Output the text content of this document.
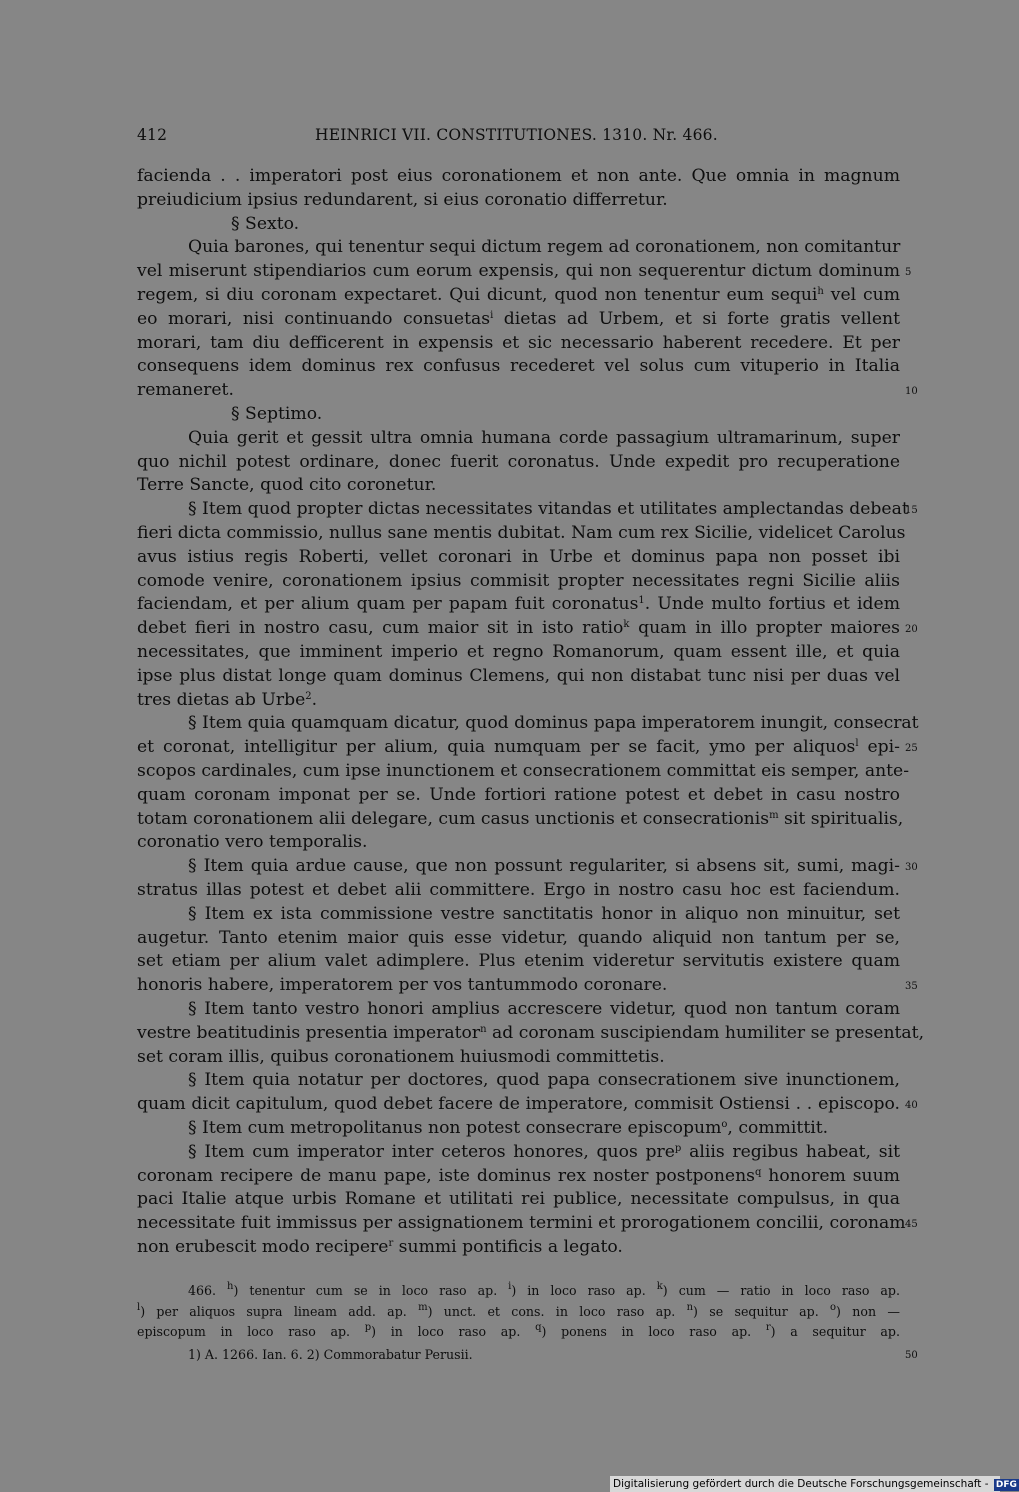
412	HEINRICI VII. CONSTITUTIONES. 1310. Nr. 466.
facienda . . imperatori post eius coronationem et non ante. Que omnia in magnum
preiudicium ipsius redundarent, si eius coronatio differretur.
§ Sexto.
Quia barones, qui tenentur sequi dictum regem ad coronationem, non comitantur
vel miserunt stipendiarios cum eorum expensis, qui non sequerentur dictum dominum
regem, si diu coronam expectaret. Qui dicunt, quod non tenentur eum sequi$^h$ vel cum
eo morari, nisi continuando consuetas$^i$ dietas ad Urbem, et si forte gratis vellent
morari, tam diu defficerent in expensis et sic necessario haberent recedere. Et per
consequens idem dominus rex confusus recederet vel solus cum vituperio in Italia
remaneret.
§ Septimo.
Quia gerit et gessit ultra omnia humana corde passagium ultramarinum, super
quo nichil potest ordinare, donec fuerit coronatus. Unde expedit pro recuperatione
Terre Sancte, quod cito coronetur.
§ Item quod propter dictas necessitates vitandas et utilitates amplectandas debeat
fieri dicta commissio, nullus sane mentis dubitat. Nam cum rex Sicilie, videlicet Carolus
avus istius regis Roberti, vellet coronari in Urbe et dominus papa non posset ibi
comode venire, coronationem ipsius commisit propter necessitates regni Sicilie aliis
faciendam, et per alium quam per papam fuit coronatus$^1$. Unde multo fortius et idem
debet fieri in nostro casu, cum maior sit in isto ratio$^k$ quam in illo propter maiores
necessitates, que imminent imperio et regno Romanorum, quam essent ille, et quia
ipse plus distat longe quam dominus Clemens, qui non distabat tunc nisi per duas vel
tres dietas ab Urbe$^2$.
§ Item quia quamquam dicatur, quod dominus papa imperatorem inungit, consecrat
et coronat, intelligitur per alium, quia numquam per se facit, ymo per aliquos$^l$ epi-
scopos cardinales, cum ipse inunctionem et consecrationem committat eis semper, ante-
quam coronam imponat per se. Unde fortiori ratione potest et debet in casu nostro
totam coronationem alii delegare, cum casus unctionis et consecrationis$^m$ sit spiritualis,
coronatio vero temporalis.
§ Item quia ardue cause, que non possunt regulariter, si absens sit, sumi, magi-
stratus illas potest et debet alii committere. Ergo in nostro casu hoc est faciendum.
§ Item ex ista commissione vestre sanctitatis honor in aliquo non minuitur, set
augetur. Tanto etenim maior quis esse videtur, quando aliquid non tantum per se,
set etiam per alium valet adimplere. Plus etenim videretur servitutis existere quam
honoris habere, imperatorem per vos tantummodo coronare.
§ Item tanto vestro honori amplius accrescere videtur, quod non tantum coram
vestre beatitudinis presentia imperator$^n$ ad coronam suscipiendam humiliter se presentat,
set coram illis, quibus coronationem huiusmodi committetis.
§ Item quia notatur per doctores, quod papa consecrationem sive inunctionem,
quam dicit capitulum, quod debet facere de imperatore, commisit Ostiensi . . episcopo.
§ Item cum metropolitanus non potest consecrare episcopum$^o$, committit.
§ Item cum imperator inter ceteros honores, quos pre$^p$ aliis regibus habeat, sit
coronam recipere de manu pape, iste dominus rex noster postponens$^q$ honorem suum
paci Italie atque urbis Romane et utilitati rei publice, necessitate compulsus, in qua
necessitate fuit immissus per assignationem termini et prorogationem concilii, coronam
non erubescit modo recipere$^r$ summi pontificis a legato.
5
10
15
20
25
30
35
40
45
50
466. $^h$) tenentur cum se in loco raso ap. $^i$) in loco raso ap. $^k$) cum — ratio in loco raso ap.
$^l$) per aliquos supra lineam add. ap. $^m$) unct. et cons. in loco raso ap. $^n$) se sequitur ap. $^o$) non —
episcopum in loco raso ap. $^p$) in loco raso ap. $^q$) ponens in loco raso ap. $^r$) a sequitur ap.
1) A. 1266. Ian. 6. 2) Commorabatur Perusii.
Digitalisierung gefördert durch die Deutsche Forschungsgemeinschaft - DFG
